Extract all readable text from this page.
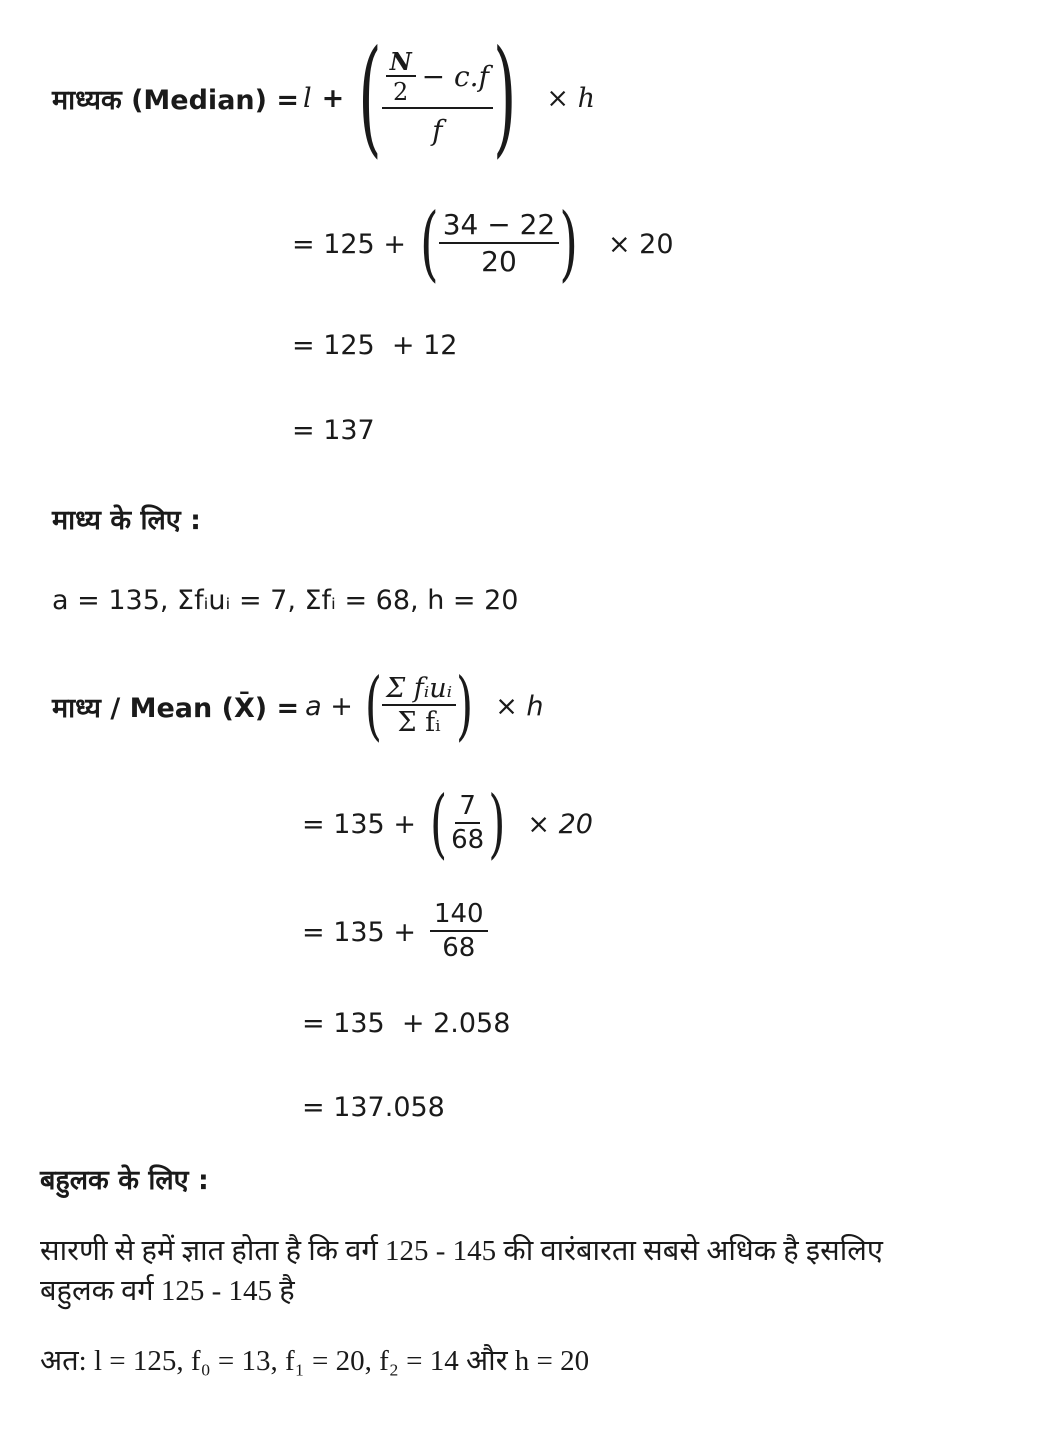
माध्यक (Median) = l + ( $\frac{\frac{N}{2} - c.f}{f}$ ) × h
= 125 + ( $\frac{34 - 22}{20}$ ) × 20
= 125  + 12
= 137
माध्य के लिए :
a = 135, Σfᵢuᵢ = 7, Σfᵢ = 68, h = 20
माध्य / Mean (X̄) = a + ( $\frac{\text{Σ fᵢuᵢ}}{\text{Σ fᵢ}}$ ) × h
= 135 + ( $\frac{7}{68}$ ) × 20
= $135 + \frac{140}{68}$
= 135  + 2.058
= 137.058
बहुलक के लिए :
सारणी से हमें ज्ञात होता है कि वर्ग 125 - 145 की वारंबारता सबसे अधिक है इसलिए
बहुलक वर्ग 125 - 145 है
अत: l = 125, f₀ = 13, f₁ = 20, f₂ = 14 और h = 20
